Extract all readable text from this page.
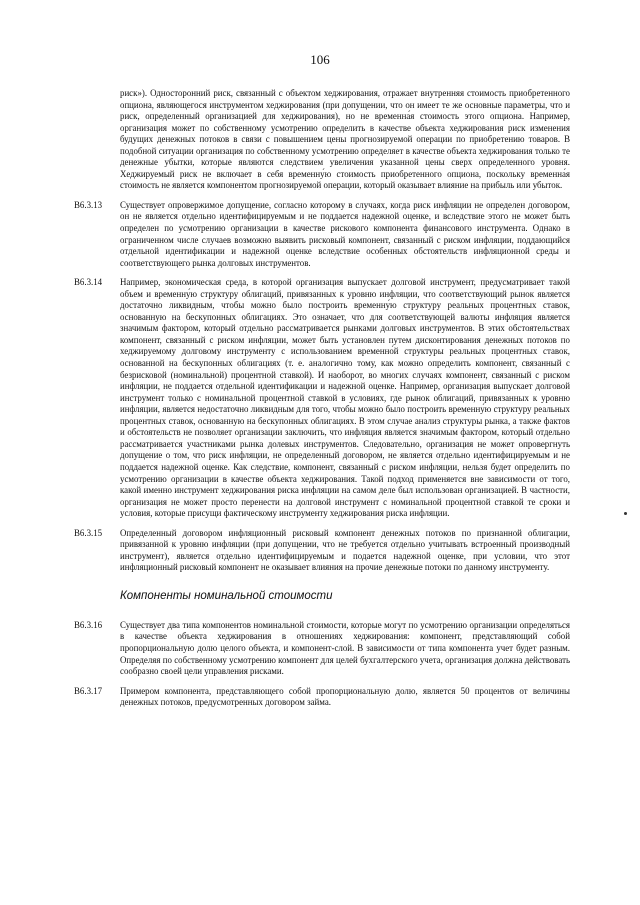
106

риск»). Односторонний риск, связанный с объектом хеджирования, отражает внутренняя стоимость приобретенного опциона, являющегося инструментом хеджирования (при допущении, что он имеет те же основные параметры, что и риск, определенный организацией для хеджирования), но не временна́я стоимость этого опциона. Например, организация может по собственному усмотрению определить в качестве объекта хеджирования риск изменения будущих денежных потоков в связи с повышением цены прогнозируемой операции по приобретению товаров. В подобной ситуации организация по собственному усмотрению определяет в качестве объекта хеджирования только те денежные убытки, которые являются следствием увеличения указанной цены сверх определенного уровня. Хеджируемый риск не включает в себя временну́ю стоимость приобретенного опциона, поскольку временна́я стоимость не является компонентом прогнозируемой операции, который оказывает влияние на прибыль или убыток.

B6.3.13	Существует опровержимое допущение, согласно которому в случаях, когда риск инфляции не определен договором, он не является отдельно идентифицируемым и не поддается надежной оценке, и вследствие этого не может быть определен по усмотрению организации в качестве рискового компонента финансового инструмента. Однако в ограниченном числе случаев возможно выявить рисковый компонент, связанный с риском инфляции, поддающийся отдельной идентификации и надежной оценке вследствие особенных обстоятельств инфляционной среды и соответствующего рынка долговых инструментов.
B6.3.14	Например, экономическая среда, в которой организация выпускает долговой инструмент, предусматривает такой объем и временну́ю структуру облигаций, привязанных к уровню инфляции, что соответствующий рынок является достаточно ликвидным, чтобы можно было построить временну́ю структуру реальных процентных ставок, основанную на бескупонных облигациях. Это означает, что для соответствующей валюты инфляция является значимым фактором, который отдельно рассматривается рынками долговых инструментов. В этих обстоятельствах компонент, связанный с риском инфляции, может быть установлен путем дисконтирования денежных потоков по хеджируемому долговому инструменту с использованием временно́й структуры реальных процентных ставок, основанной на бескупонных облигациях (т. е. аналогично тому, как можно определить компонент, связанный с безрисковой (номинальной) процентной ставкой). И наоборот, во многих случаях компонент, связанный с риском инфляции, не поддается отдельной идентификации и надежной оценке. Например, организация выпускает долговой инструмент только с номинальной процентной ставкой в условиях, где рынок облигаций, привязанных к уровню инфляции, является недостаточно ликвидным для того, чтобы можно было построить временну́ю структуру реальных процентных ставок, основанную на бескупонных облигациях. В этом случае анализ структуры рынка, а также фактов и обстоятельств не позволяет организации заключить, что инфляция является значимым фактором, который отдельно рассматривается участниками рынка долевых инструментов. Следовательно, организация не может опровергнуть допущение о том, что риск инфляции, не определенный договором, не является отдельно идентифицируемым и не поддается надежной оценке. Как следствие, компонент, связанный с риском инфляции, нельзя будет определить по усмотрению организации в качестве объекта хеджирования. Такой подход применяется вне зависимости от того, какой именно инструмент хеджирования риска инфляции на самом деле был использован организацией. В частности, организация не может просто перенести на долговой инструмент с номинальной процентной ставкой те сроки и условия, которые присущи фактическому инструменту хеджирования риска инфляции.
B6.3.15	Определенный договором инфляционный рисковый компонент денежных потоков по признанной облигации, привязанной к уровню инфляции (при допущении, что не требуется отдельно учитывать встроенный производный инструмент), является отдельно идентифицируемым и подается надежной оценке, при условии, что этот инфляционный рисковый компонент не оказывает влияния на прочие денежные потоки по данному инструменту.
Компоненты номинальной стоимости
B6.3.16	Существует два типа компонентов номинальной стоимости, которые могут по усмотрению организации определяться в качестве объекта хеджирования в отношениях хеджирования: компонент, представляющий собой пропорциональную долю целого объекта, и компонент-слой. В зависимости от типа компонента учет будет разным. Определяя по собственному усмотрению компонент для целей бухгалтерского учета, организация должна действовать сообразно своей цели управления рисками.
B6.3.17	Примером компонента, представляющего собой пропорциональную долю, является 50 процентов от величины денежных потоков, предусмотренных договором займа.
